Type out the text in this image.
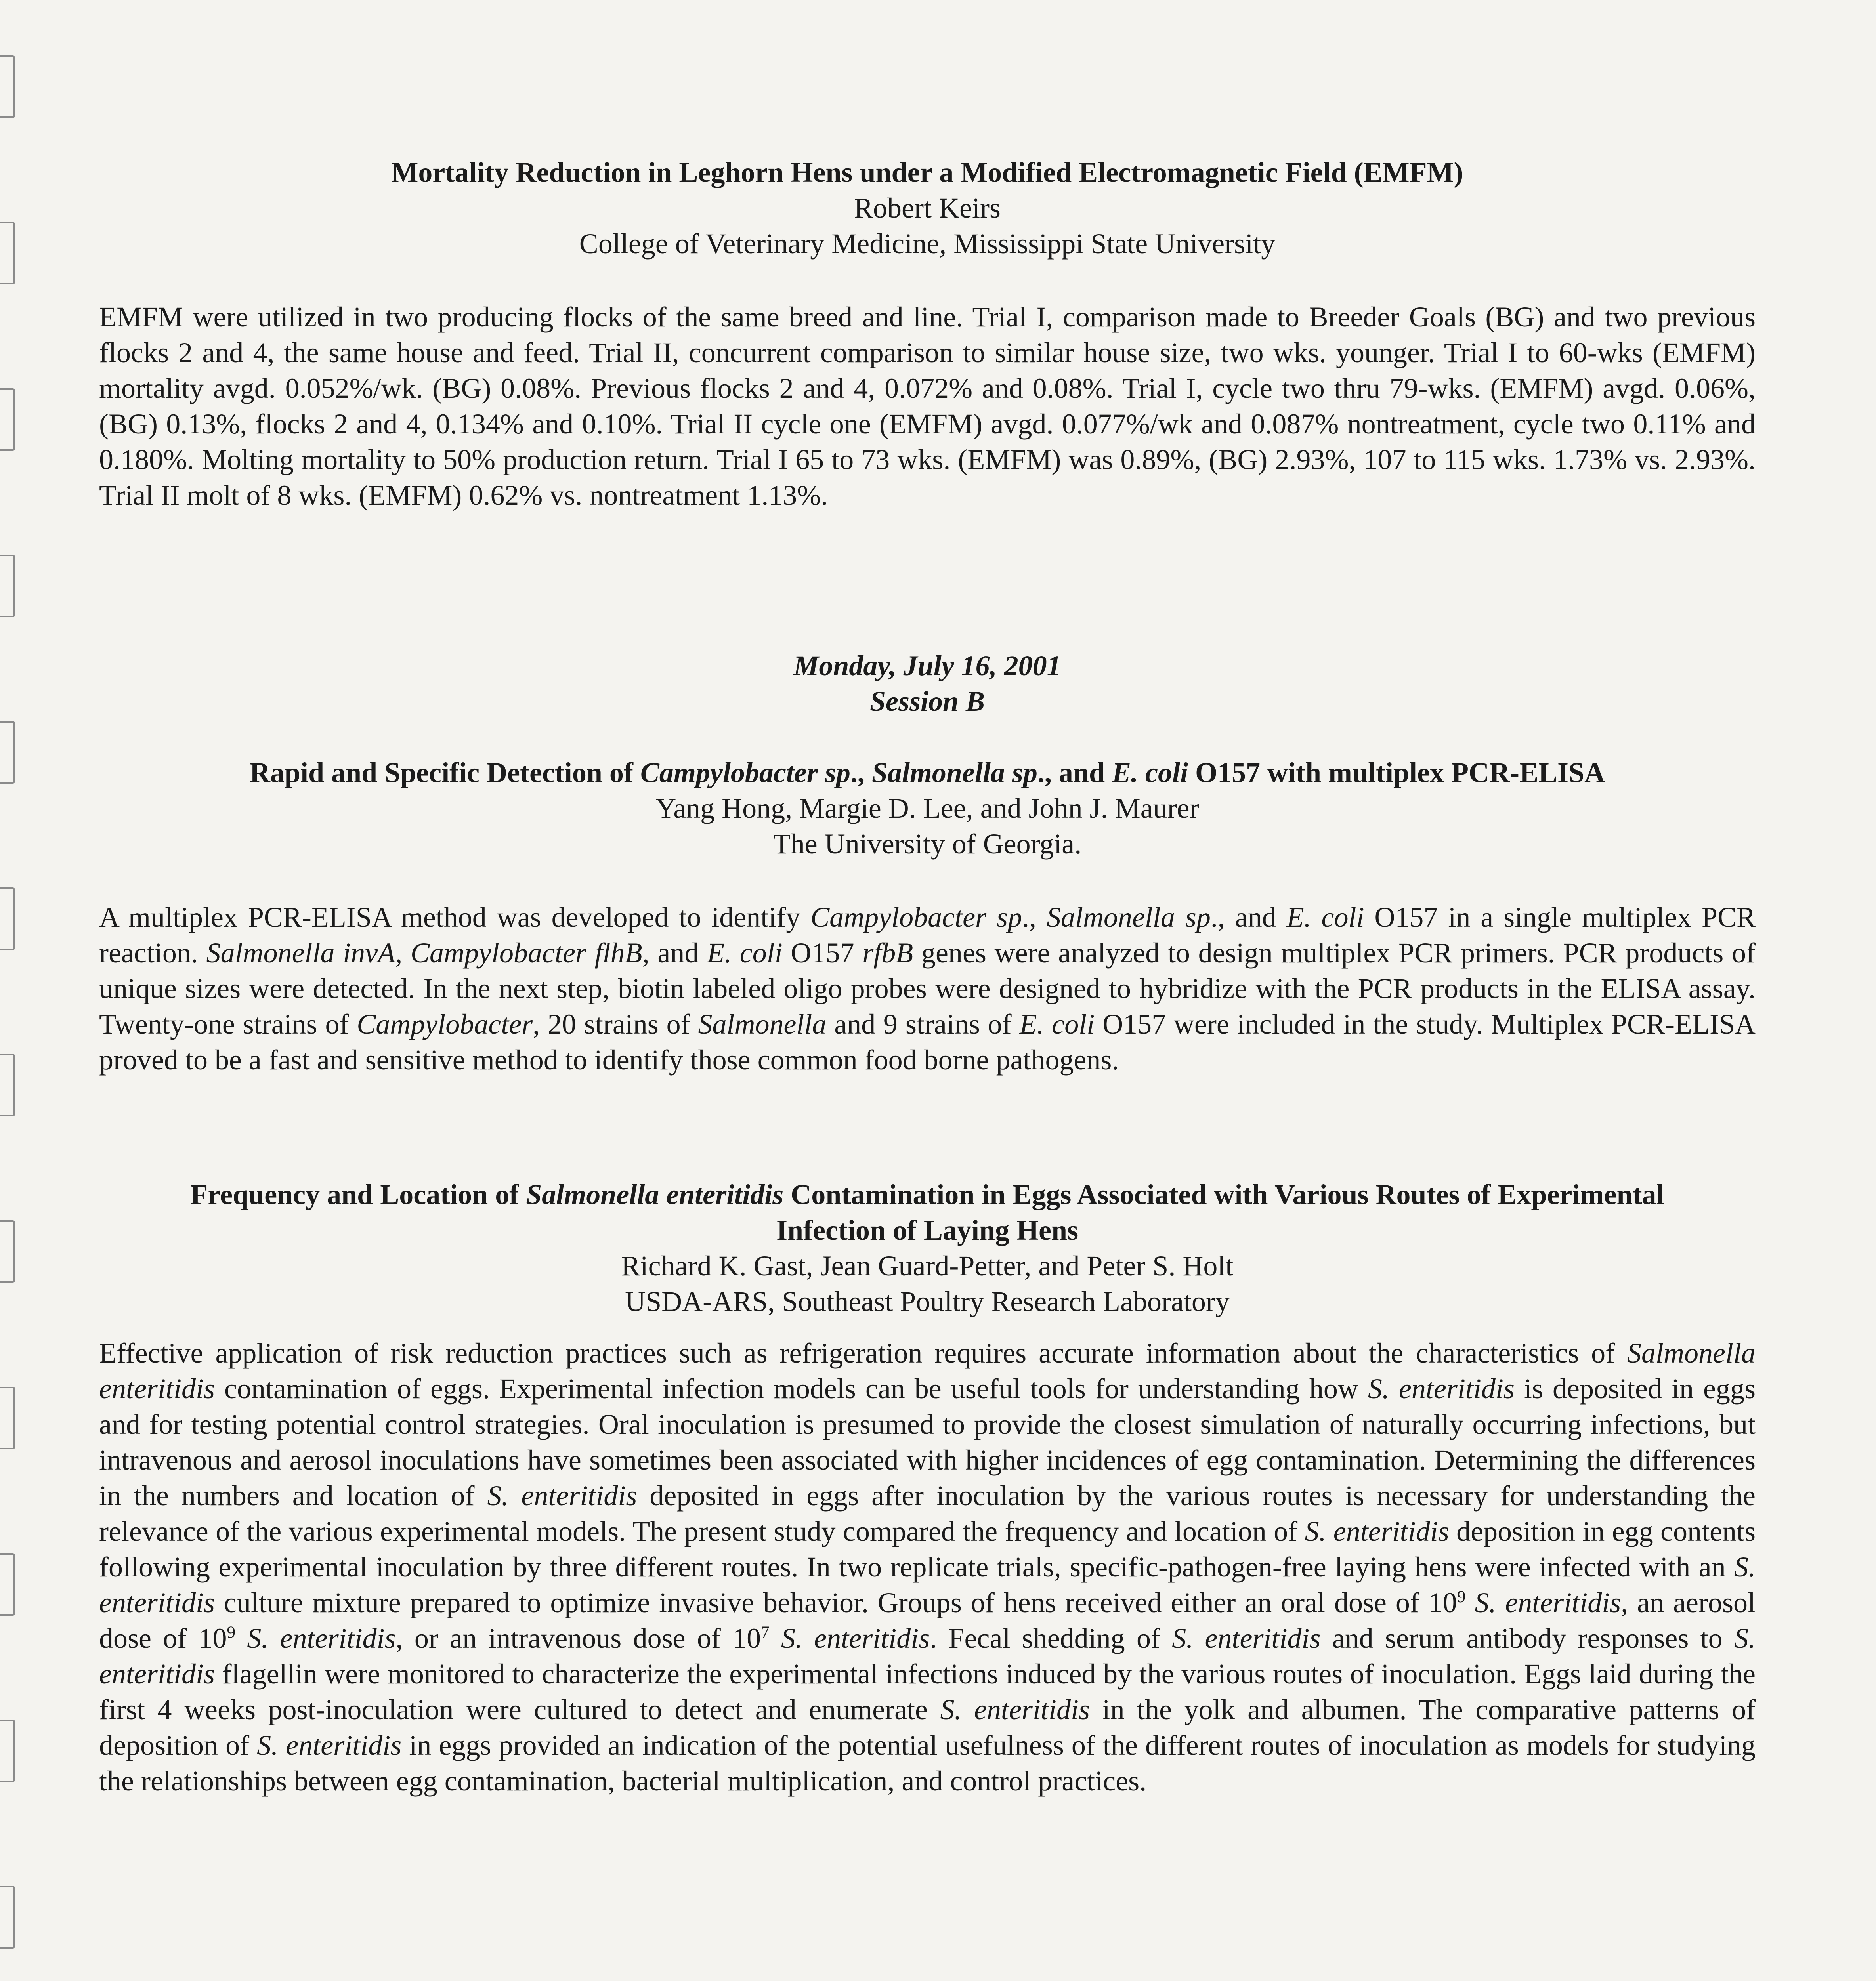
Mortality Reduction in Leghorn Hens under a Modified Electromagnetic Field (EMFM)
Robert Keirs
College of Veterinary Medicine, Mississippi State University

EMFM were utilized in two producing flocks of the same breed and line. Trial I, comparison made to Breeder Goals (BG) and two previous flocks 2 and 4, the same house and feed. Trial II, concurrent comparison to similar house size, two wks. younger. Trial I to 60-wks (EMFM) mortality avgd. 0.052%/wk. (BG) 0.08%. Previous flocks 2 and 4, 0.072% and 0.08%. Trial I, cycle two thru 79-wks. (EMFM) avgd. 0.06%, (BG) 0.13%, flocks 2 and 4, 0.134% and 0.10%. Trial II cycle one (EMFM) avgd. 0.077%/wk and 0.087% nontreatment, cycle two 0.11% and 0.180%. Molting mortality to 50% production return. Trial I 65 to 73 wks. (EMFM) was 0.89%, (BG) 2.93%, 107 to 115 wks. 1.73% vs. 2.93%. Trial II molt of 8 wks. (EMFM) 0.62% vs. nontreatment 1.13%.

Monday, July 16, 2001
Session B
Rapid and Specific Detection of Campylobacter sp., Salmonella sp., and E. coli O157 with multiplex PCR-ELISA
Yang Hong, Margie D. Lee, and John J. Maurer
The University of Georgia.

A multiplex PCR-ELISA method was developed to identify Campylobacter sp., Salmonella sp., and E. coli O157 in a single multiplex PCR reaction. Salmonella invA, Campylobacter flhB, and E. coli O157 rfbB genes were analyzed to design multiplex PCR primers. PCR products of unique sizes were detected. In the next step, biotin labeled oligo probes were designed to hybridize with the PCR products in the ELISA assay. Twenty-one strains of Campylobacter, 20 strains of Salmonella and 9 strains of E. coli O157 were included in the study. Multiplex PCR-ELISA proved to be a fast and sensitive method to identify those common food borne pathogens.

Frequency and Location of Salmonella enteritidis Contamination in Eggs Associated with Various Routes of Experimental Infection of Laying Hens
Richard K. Gast, Jean Guard-Petter, and Peter S. Holt
USDA-ARS, Southeast Poultry Research Laboratory

Effective application of risk reduction practices such as refrigeration requires accurate information about the characteristics of Salmonella enteritidis contamination of eggs. Experimental infection models can be useful tools for understanding how S. enteritidis is deposited in eggs and for testing potential control strategies. Oral inoculation is presumed to provide the closest simulation of naturally occurring infections, but intravenous and aerosol inoculations have sometimes been associated with higher incidences of egg contamination. Determining the differences in the numbers and location of S. enteritidis deposited in eggs after inoculation by the various routes is necessary for understanding the relevance of the various experimental models. The present study compared the frequency and location of S. enteritidis deposition in egg contents following experimental inoculation by three different routes. In two replicate trials, specific-pathogen-free laying hens were infected with an S. enteritidis culture mixture prepared to optimize invasive behavior. Groups of hens received either an oral dose of $10^9$ S. enteritidis, an aerosol dose of $10^9$ S. enteritidis, or an intravenous dose of $10^7$ S. enteritidis. Fecal shedding of S. enteritidis and serum antibody responses to S. enteritidis flagellin were monitored to characterize the experimental infections induced by the various routes of inoculation. Eggs laid during the first 4 weeks post-inoculation were cultured to detect and enumerate S. enteritidis in the yolk and albumen. The comparative patterns of deposition of S. enteritidis in eggs provided an indication of the potential usefulness of the different routes of inoculation as models for studying the relationships between egg contamination, bacterial multiplication, and control practices.
